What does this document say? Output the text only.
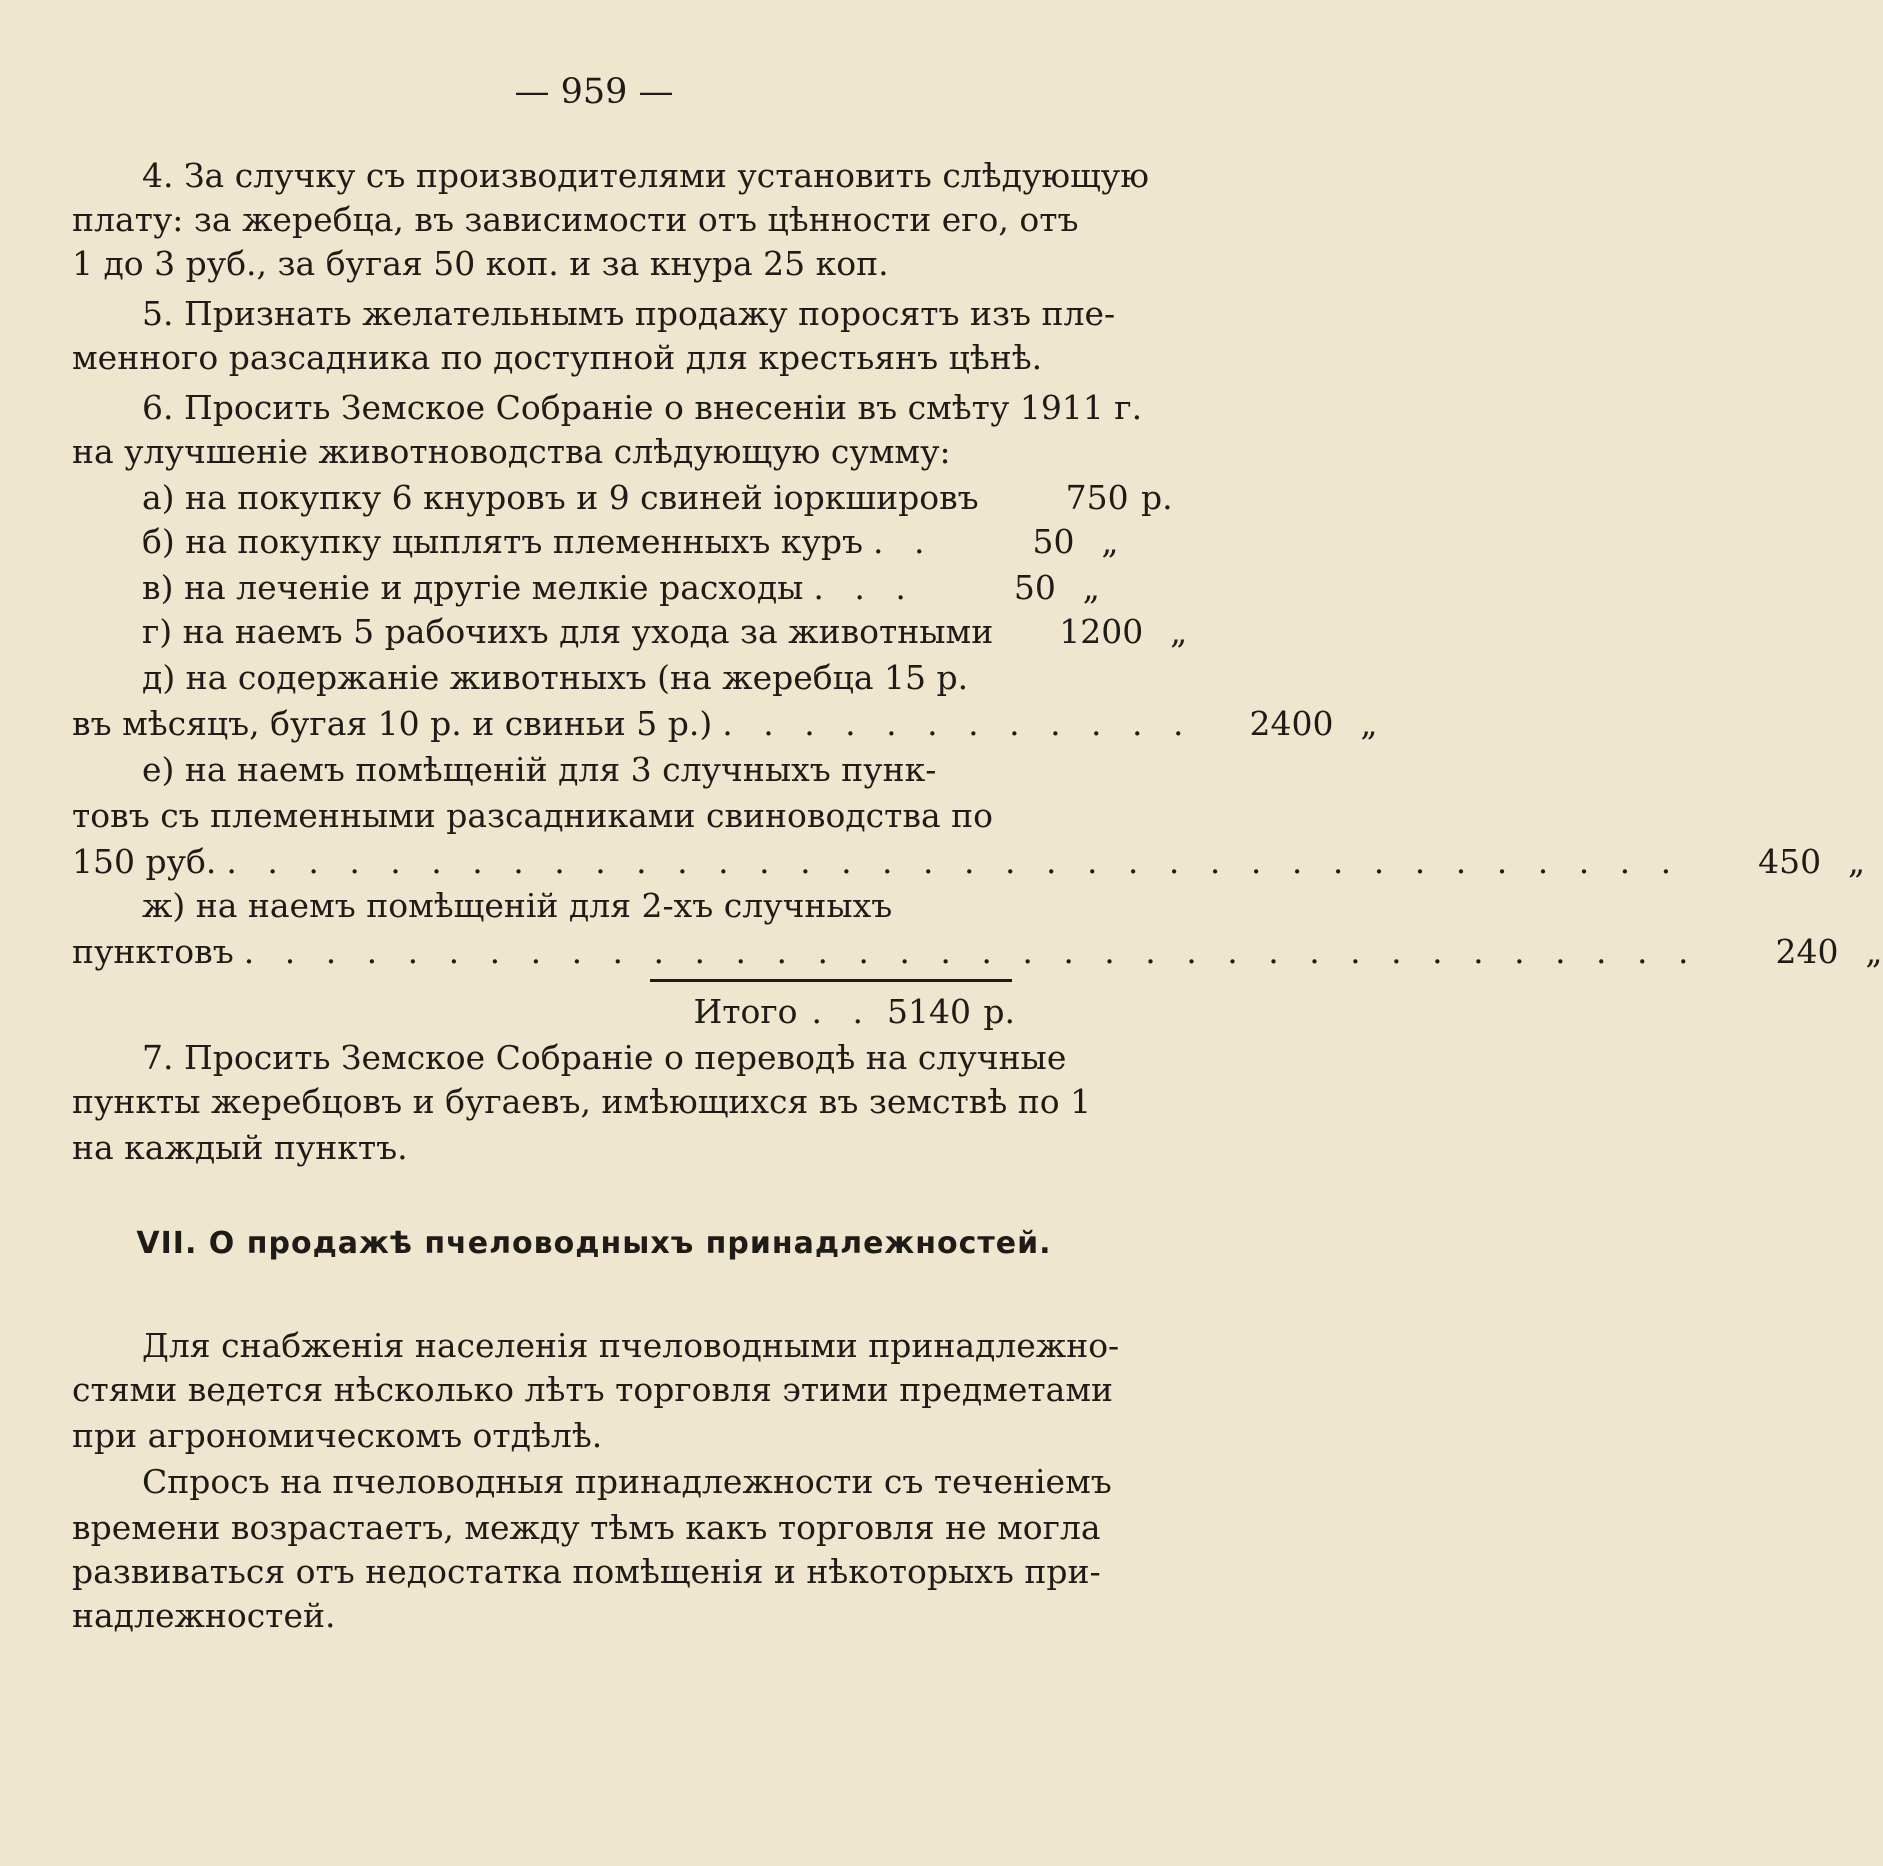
— 959 —
4. За случку съ производителями установить слѣдующую
плату: за жеребца, въ зависимости отъ цѣнности его, отъ
1 до 3 руб., за бугая 50 коп. и за кнура 25 коп.
5. Признать желательнымъ продажу поросятъ изъ пле-
менного разсадника по доступной для крестьянъ цѣнѣ.
6. Просить Земское Собраніе о внесеніи въ смѣту 1911 г.
на улучшеніе животноводства слѣдующую сумму:
а) на покупку 6 кнуровъ и 9 свиней іоркшировъ	750 р.
б) на покупку цыплятъ племенныхъ куръ . .	50 „
в) на леченіе и другіе мелкіе расходы . . .	50 „
г) на наемъ 5 рабочихъ для ухода за животными	1200 „
д) на содержаніе животныхъ (на жеребца 15 р.
въ мѣсяцъ, бугая 10 р. и свиньи 5 р.) . . . . . . . . . . . .	2400 „
е) на наемъ помѣщеній для 3 случныхъ пунк-
товъ съ племенными разсадниками свиноводства по
150 руб. . . . . . . . . . . . . . . . . . . . . . . . . . . . . . . . . . . . .	450 „
ж) на наемъ помѣщеній для 2-хъ случныхъ
пунктовъ . . . . . . . . . . . . . . . . . . . . . . . . . . . . . . . . . . . .	240 „
Итого . . 5140 р.
7. Просить Земское Собраніе о переводѣ на случные
пункты жеребцовъ и бугаевъ, имѣющихся въ земствѣ по 1
на каждый пунктъ.
VII. О продажѣ пчеловодныхъ принадлежностей.
Для снабженія населенія пчеловодными принадлежно-
стями ведется нѣсколько лѣтъ торговля этими предметами
при агрономическомъ отдѣлѣ.
Спросъ на пчеловодныя принадлежности съ теченіемъ
времени возрастаетъ, между тѣмъ какъ торговля не могла
развиваться отъ недостатка помѣщенія и нѣкоторыхъ при-
надлежностей.
